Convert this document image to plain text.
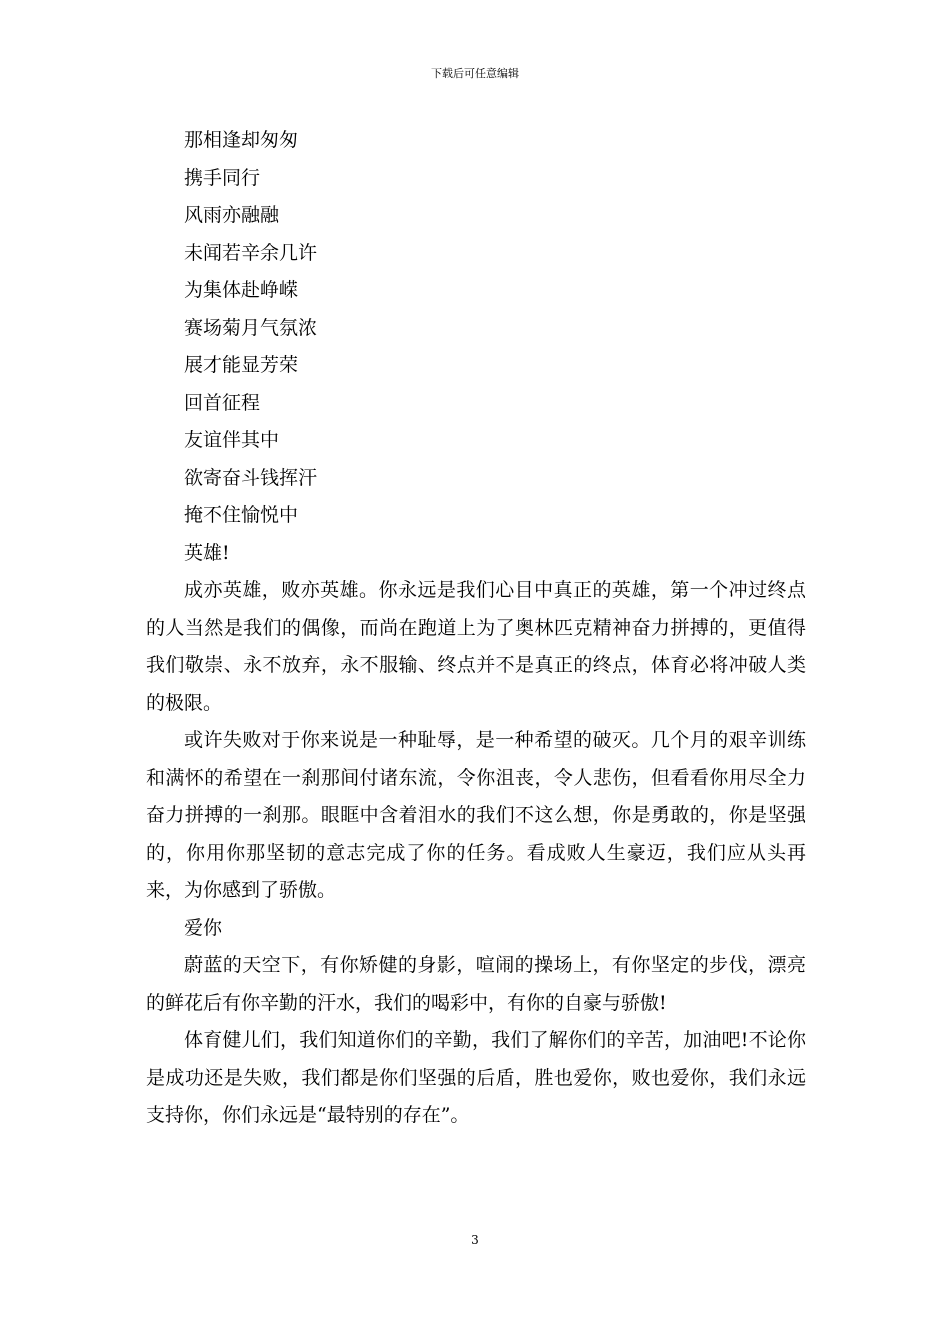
下载后可任意编辑
那相逢却匆匆
携手同行
风雨亦融融
未闻若辛余几许
为集体赴峥嵘
赛场菊月气氛浓
展才能显芳荣
回首征程
友谊伴其中
欲寄奋斗钱挥汗
掩不住愉悦中
英雄!

成亦英雄，败亦英雄。你永远是我们心目中真正的英雄，第一个冲过终点的人当然是我们的偶像，而尚在跑道上为了奥林匹克精神奋力拼搏的，更值得我们敬崇、永不放弃，永不服输、终点并不是真正的终点，体育必将冲破人类的极限。

或许失败对于你来说是一种耻辱，是一种希望的破灭。几个月的艰辛训练和满怀的希望在一刹那间付诸东流，令你沮丧，令人悲伤，但看看你用尽全力奋力拼搏的一刹那。眼眶中含着泪水的我们不这么想，你是勇敢的，你是坚强的，你用你那坚韧的意志完成了你的任务。看成败人生豪迈，我们应从头再来，为你感到了骄傲。

爱你

蔚蓝的天空下，有你矫健的身影，喧闹的操场上，有你坚定的步伐，漂亮的鲜花后有你辛勤的汗水，我们的喝彩中，有你的自豪与骄傲!

体育健儿们，我们知道你们的辛勤，我们了解你们的辛苦，加油吧!不论你是成功还是失败，我们都是你们坚强的后盾，胜也爱你，败也爱你，我们永远支持你，你们永远是“最特别的存在”。

3
